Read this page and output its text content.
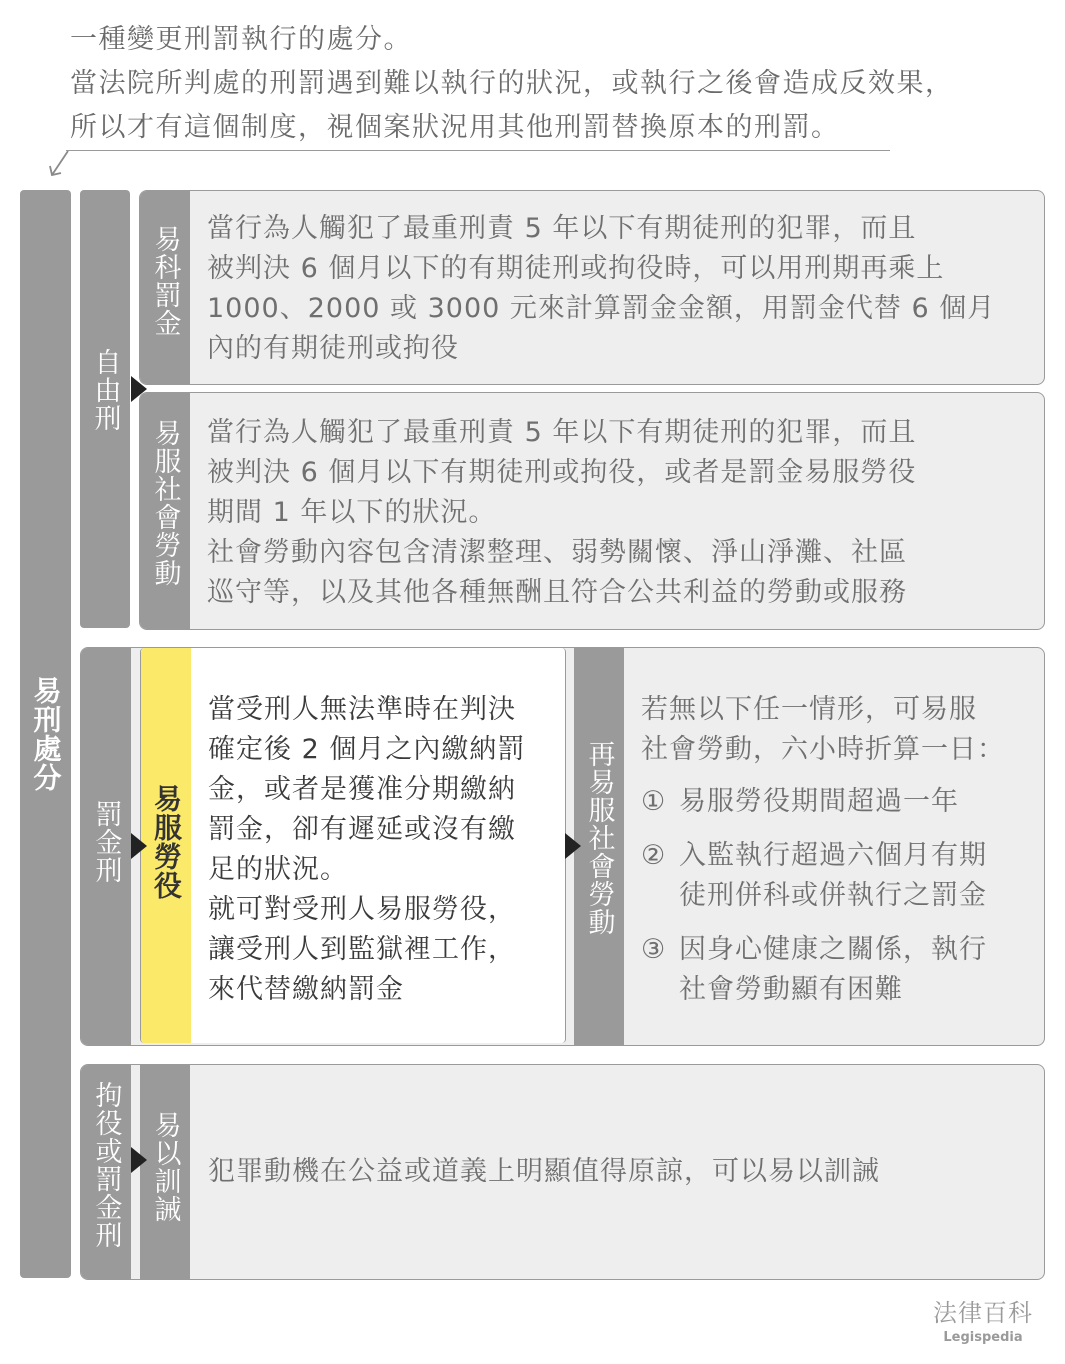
一種變更刑罰執行的處分。
當法院所判處的刑罰遇到難以執行的狀況，或執行之後會造成反效果，
所以才有這個制度，視個案狀況用其他刑罰替換原本的刑罰。
易刑處分
自由刑
易科罰金 當行為人觸犯了最重刑責 5 年以下有期徒刑的犯罪，而且
被判決 6 個月以下的有期徒刑或拘役時，可以用刑期再乘上
1000、2000 或 3000 元來計算罰金金額，用罰金代替 6 個月
內的有期徒刑或拘役
易服社會勞動 當行為人觸犯了最重刑責 5 年以下有期徒刑的犯罪，而且
被判決 6 個月以下有期徒刑或拘役，或者是罰金易服勞役
期間 1 年以下的狀況。
社會勞動內容包含清潔整理、弱勢關懷、淨山淨灘、社區
巡守等，以及其他各種無酬且符合公共利益的勞動或服務
罰金刑 易服勞役
當受刑人無法準時在判決
確定後 2 個月之內繳納罰
金，或者是獲准分期繳納
罰金，卻有遲延或沒有繳
足的狀況。
就可對受刑人易服勞役，
讓受刑人到監獄裡工作，
來代替繳納罰金
再易服社會勞動
若無以下任一情形，可易服
社會勞動，六小時折算一日：
① 易服勞役期間超過一年
② 入監執行超過六個月有期
徒刑併科或併執行之罰金
③ 因身心健康之關係，執行
社會勞動顯有困難
拘役或罰金刑 易以訓誡 犯罪動機在公益或道義上明顯值得原諒，可以易以訓誡
法律百科
Legispedia
